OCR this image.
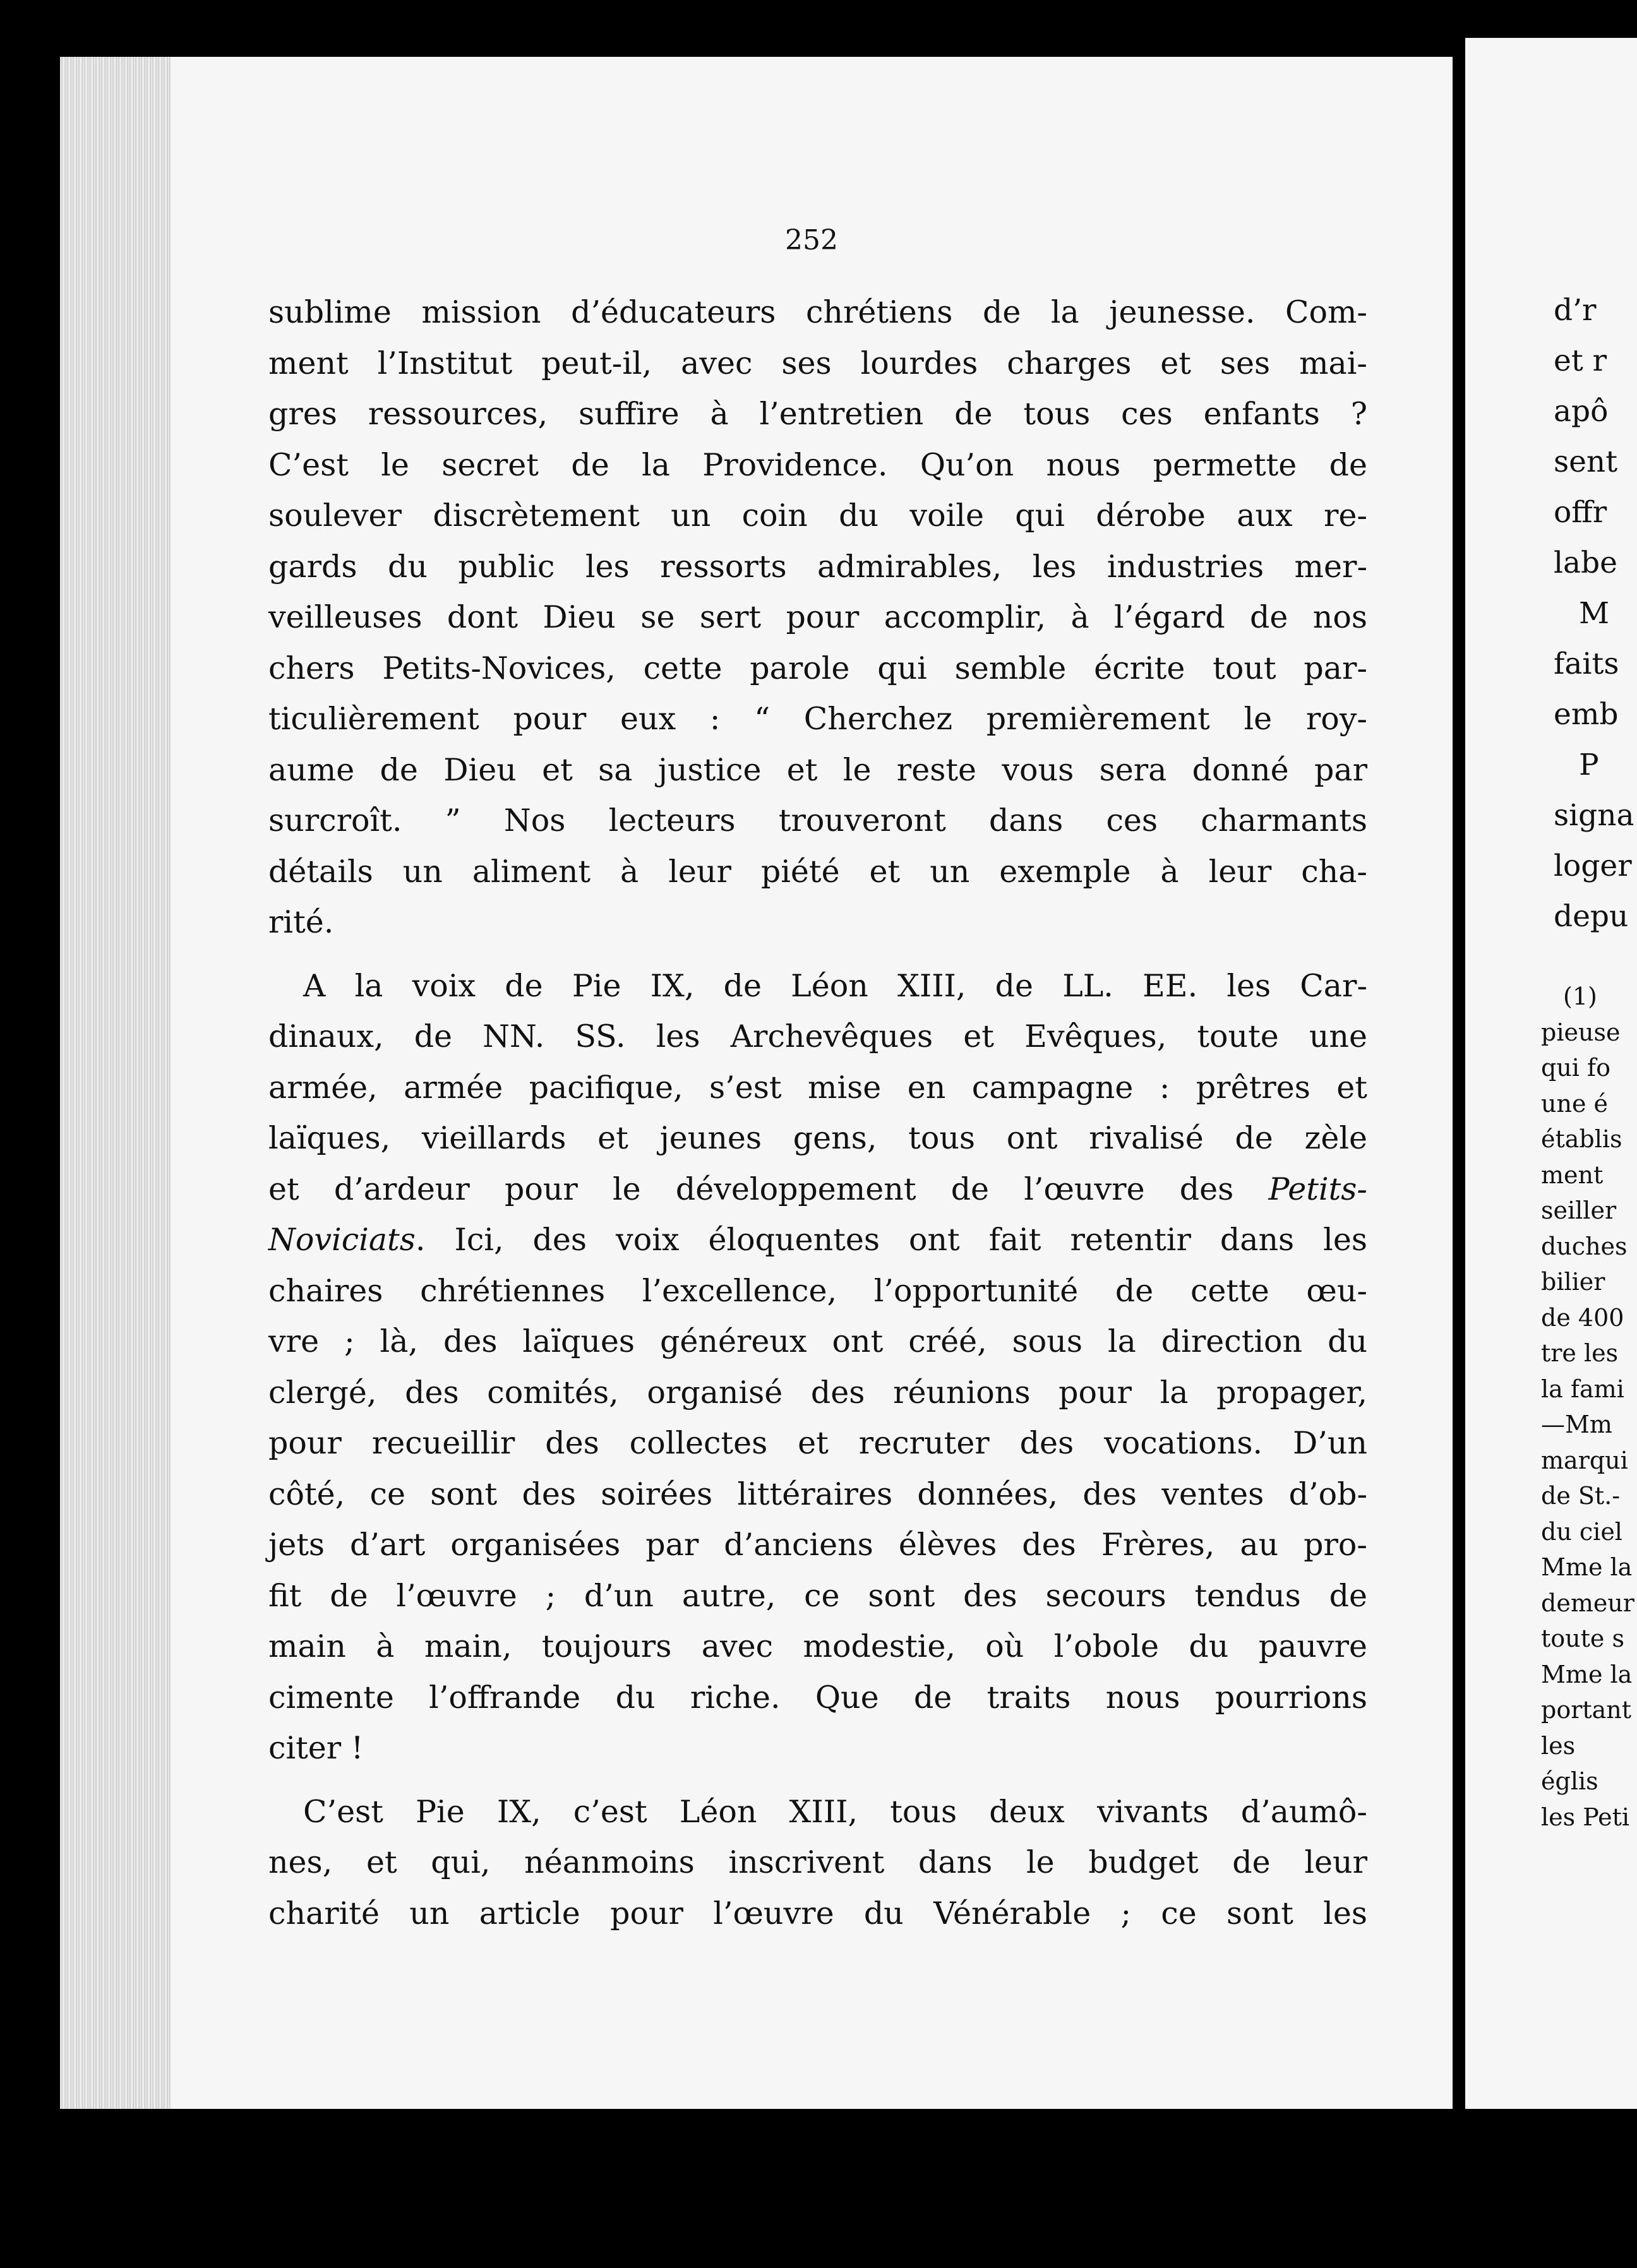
252

sublime mission d’éducateurs chrétiens de la jeunesse. Com-
ment l’Institut peut-il, avec ses lourdes charges et ses mai-
gres ressources, suffire à l’entretien de tous ces enfants ?
C’est le secret de la Providence. Qu’on nous permette de
soulever discrètement un coin du voile qui dérobe aux re-
gards du public les ressorts admirables, les industries mer-
veilleuses dont Dieu se sert pour accomplir, à l’égard de nos
chers Petits-Novices, cette parole qui semble écrite tout par-
ticulièrement pour eux : “ Cherchez premièrement le roy-
aume de Dieu et sa justice et le reste vous sera donné par
surcroît. ” Nos lecteurs trouveront dans ces charmants
détails un aliment à leur piété et un exemple à leur cha-
rité.

A la voix de Pie IX, de Léon XIII, de LL. EE. les Car-
dinaux, de NN. SS. les Archevêques et Evêques, toute une
armée, armée pacifique, s’est mise en campagne : prêtres et
laïques, vieillards et jeunes gens, tous ont rivalisé de zèle
et d’ardeur pour le développement de l’œuvre des Petits-
Noviciats. Ici, des voix éloquentes ont fait retentir dans les
chaires chrétiennes l’excellence, l’opportunité de cette œu-
vre ; là, des laïques généreux ont créé, sous la direction du
clergé, des comités, organisé des réunions pour la propager,
pour recueillir des collectes et recruter des vocations. D’un
côté, ce sont des soirées littéraires données, des ventes d’ob-
jets d’art organisées par d’anciens élèves des Frères, au pro-
fit de l’œuvre ; d’un autre, ce sont des secours tendus de
main à main, toujours avec modestie, où l’obole du pauvre
cimente l’offrande du riche. Que de traits nous pourrions
citer !

C’est Pie IX, c’est Léon XIII, tous deux vivants d’aumô-
nes, et qui, néanmoins inscrivent dans le budget de leur
charité un article pour l’œuvre du Vénérable ; ce sont les

d’r
et r
apô
sent
offr
labe
M
faits
emb
P
signa
loger
depu
(1)
pieuse
qui fo
une é
établis
ment
seiller
duches
bilier
de 400
tre les
la fami
—Mm
marqui
de St.-
du ciel
Mme la
demeur
toute s
Mme la
portant
les églis
les Peti
